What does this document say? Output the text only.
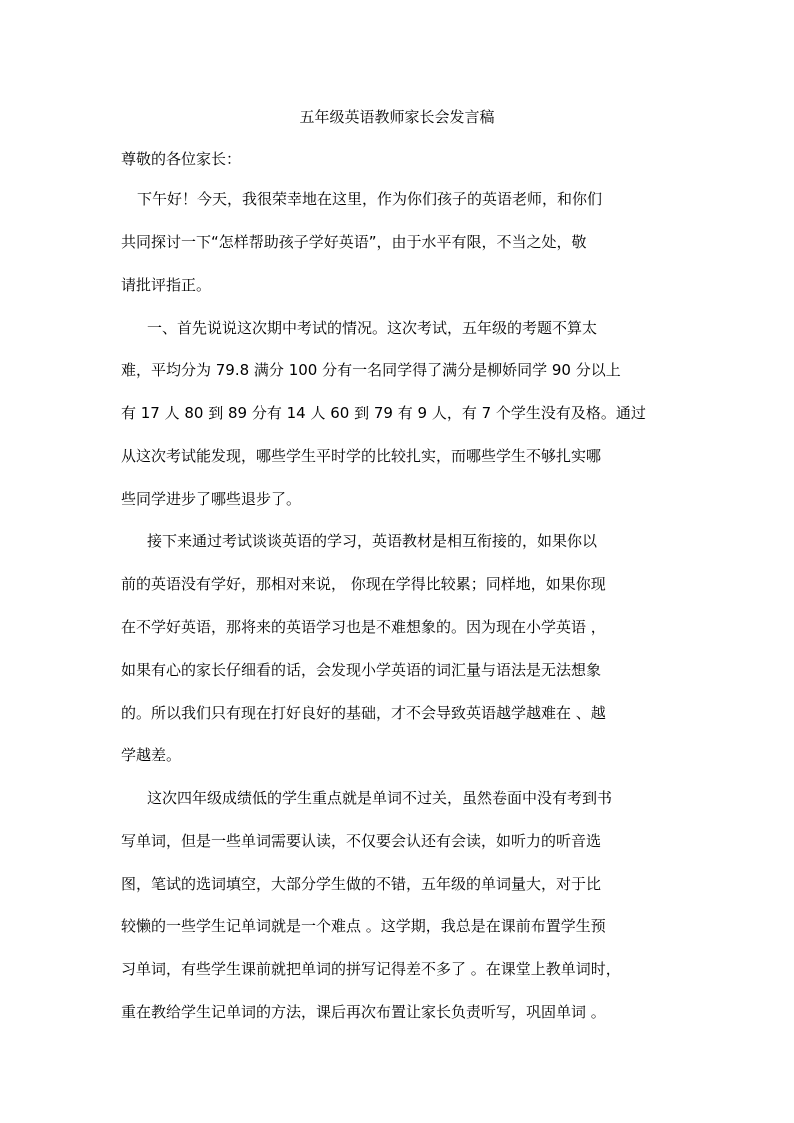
五年级英语教师家长会发言稿
尊敬的各位家长：
下午好！今天，我很荣幸地在这里，作为你们孩子的英语老师，和你们
共同探讨一下“怎样帮助孩子学好英语”，由于水平有限，不当之处，敬
请批评指正。
一、首先说说这次期中考试的情况。这次考试，五年级的考题不算太
难，平均分为 79.8 满分 100 分有一名同学得了满分是柳娇同学 90 分以上
有 17 人 80 到 89 分有 14 人 60 到 79 有 9 人，有 7 个学生没有及格。通过
从这次考试能发现，哪些学生平时学的比较扎实，而哪些学生不够扎实哪
些同学进步了哪些退步了。
接下来通过考试谈谈英语的学习，英语教材是相互衔接的，如果你以
前的英语没有学好，那相对来说， 你现在学得比较累；同样地，如果你现
在不学好英语，那将来的英语学习也是不难想象的。因为现在小学英语 ，
如果有心的家长仔细看的话，会发现小学英语的词汇量与语法是无法想象
的。所以我们只有现在打好良好的基础，才不会导致英语越学越难在 、越
学越差。
这次四年级成绩低的学生重点就是单词不过关，虽然卷面中没有考到书
写单词，但是一些单词需要认读，不仅要会认还有会读，如听力的听音选
图，笔试的选词填空，大部分学生做的不错，五年级的单词量大，对于比
较懒的一些学生记单词就是一个难点 。这学期，我总是在课前布置学生预
习单词，有些学生课前就把单词的拼写记得差不多了 。在课堂上教单词时，
重在教给学生记单词的方法，课后再次布置让家长负责听写，巩固单词 。
